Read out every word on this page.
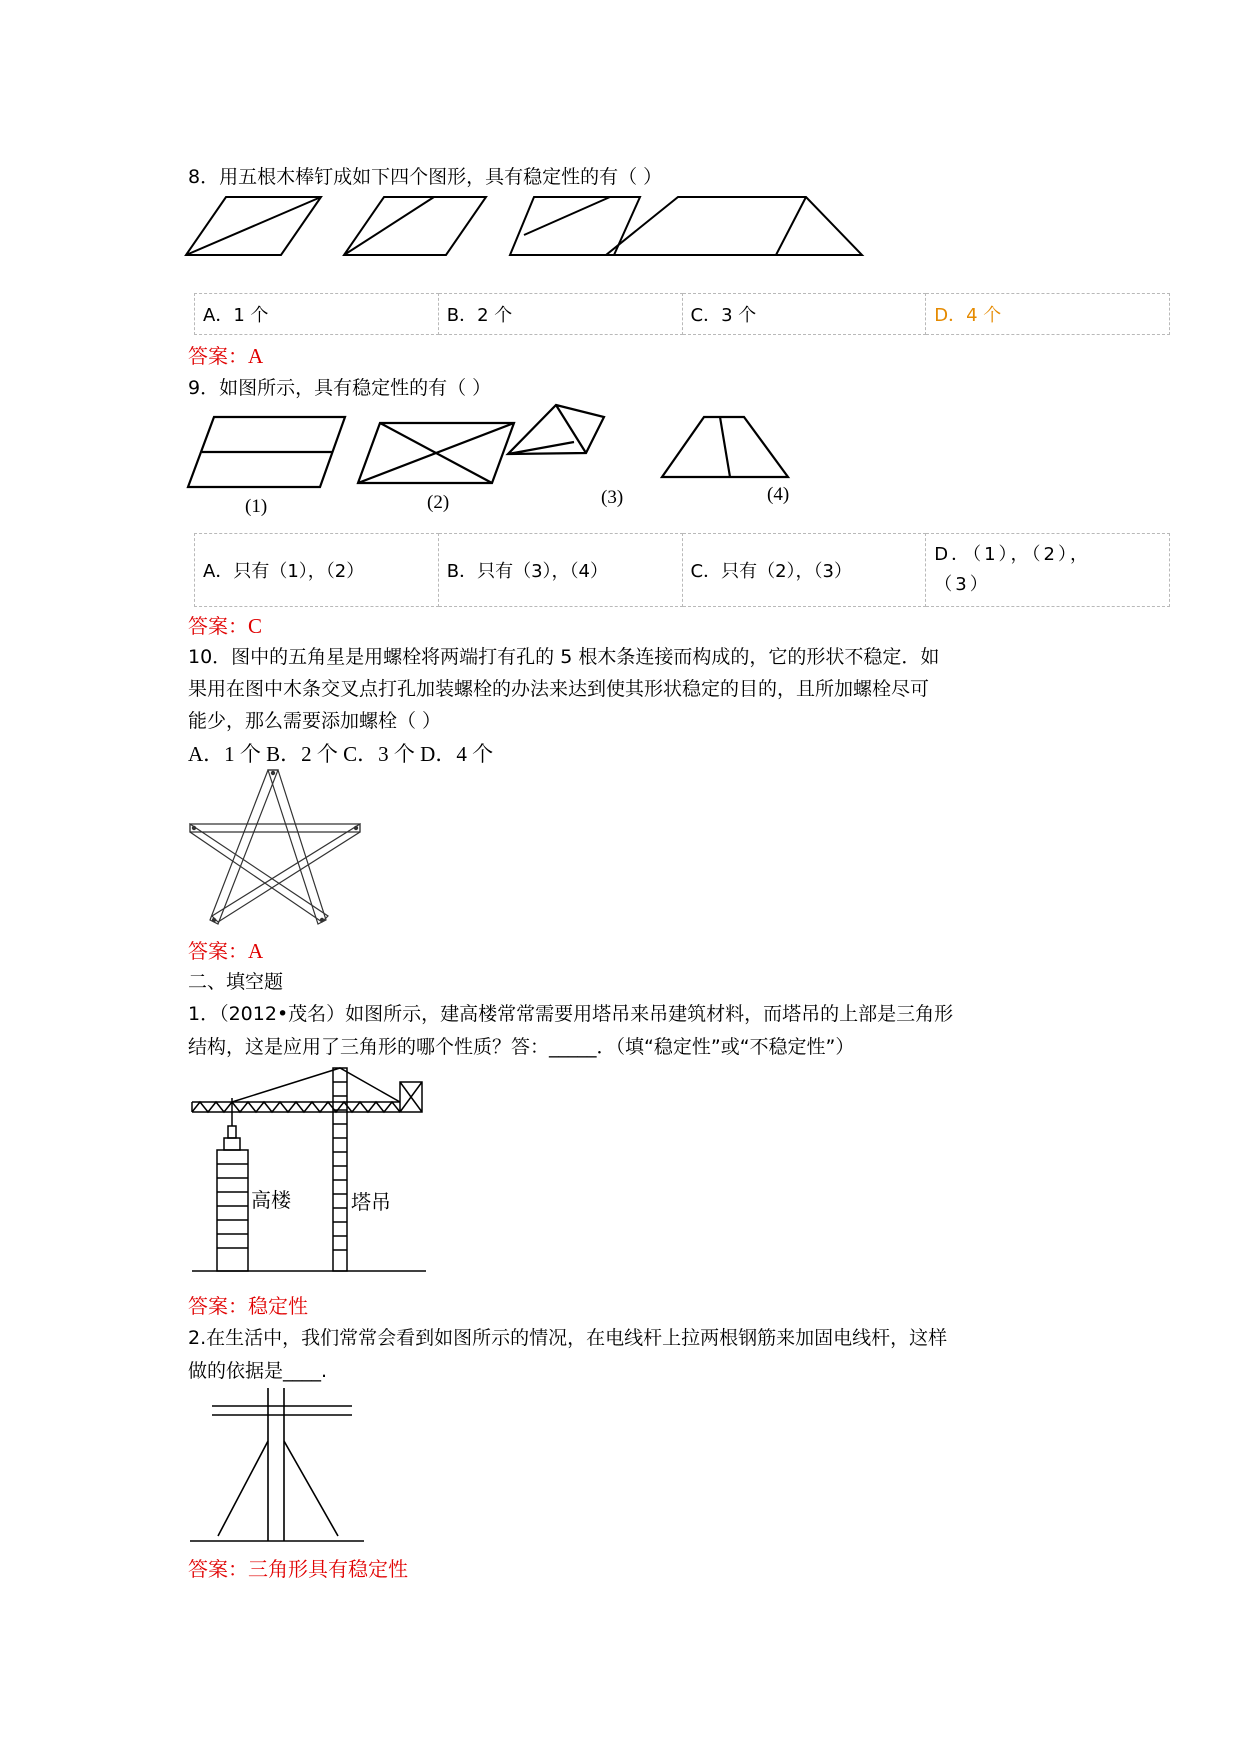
8．用五根木棒钉成如下四个图形，具有稳定性的有（ ）
A．1 个	B．2 个	C．3 个	D．4 个
答案：A
9．如图所示，具有稳定性的有（ ）
(1)	(2)	(3)	(4)
A．只有（1），（2）	B．只有（3），（4）	C．只有（2），（3）	D．（1），（2），
（3）
答案：C
10．图中的五角星是用螺栓将两端打有孔的 5 根木条连接而构成的，它的形状不稳定．如
果用在图中木条交叉点打孔加装螺栓的办法来达到使其形状稳定的目的，且所加螺栓尽可
能少，那么需要添加螺栓（ ）
A．1 个 B．2 个 C．3 个 D．4 个
答案：A
二、填空题
1．（2012•茂名）如图所示，建高楼常常需要用塔吊来吊建筑材料，而塔吊的上部是三角形
结构，这是应用了三角形的哪个性质？答：_____．（填“稳定性”或“不稳定性”）
高楼	塔吊
答案：稳定性
2.在生活中，我们常常会看到如图所示的情况，在电线杆上拉两根钢筋来加固电线杆，这样
做的依据是____.
答案：三角形具有稳定性
